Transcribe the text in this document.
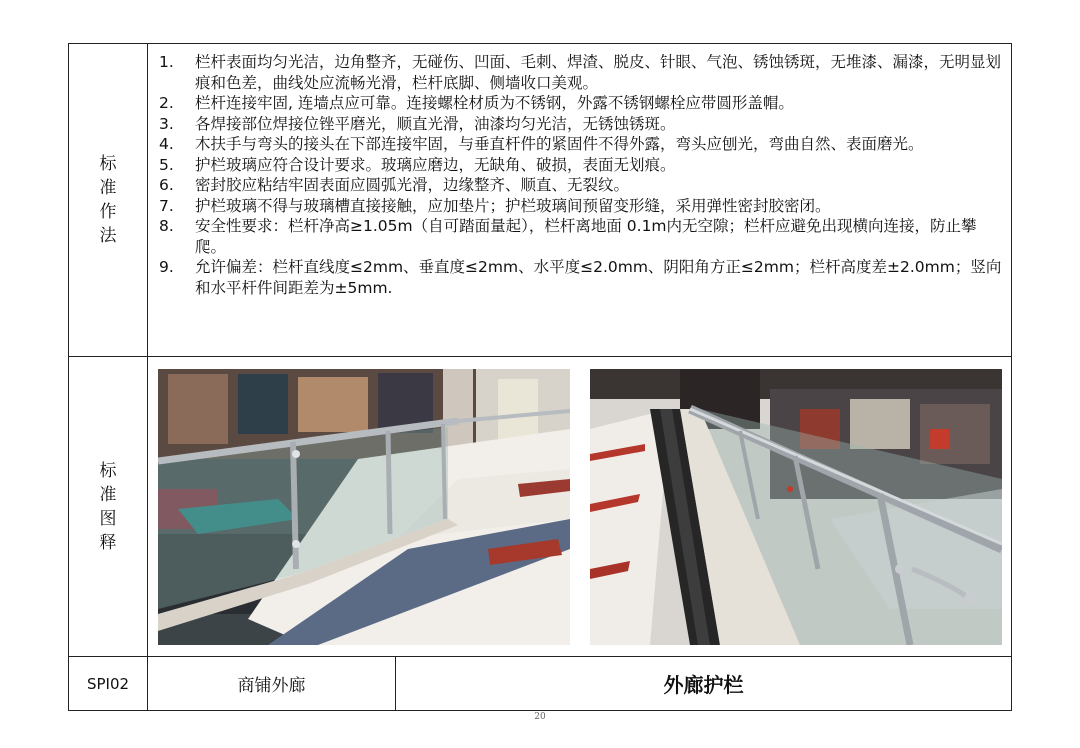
标
准
作
法
1. 栏杆表面均匀光洁，边角整齐，无碰伤、凹面、毛刺、焊渣、脱皮、针眼、气泡、锈蚀锈斑，无堆漆、漏漆，无明显划痕和色差，曲线处应流畅光滑，栏杆底脚、侧墙收口美观。
2. 栏杆连接牢固, 连墙点应可靠。连接螺栓材质为不锈钢，外露不锈钢螺栓应带圆形盖帽。
3. 各焊接部位焊接位锉平磨光，顺直光滑，油漆均匀光洁，无锈蚀锈斑。
4. 木扶手与弯头的接头在下部连接牢固，与垂直杆件的紧固件不得外露，弯头应刨光，弯曲自然、表面磨光。
5. 护栏玻璃应符合设计要求。玻璃应磨边，无缺角、破损，表面无划痕。
6. 密封胶应粘结牢固表面应圆弧光滑，边缘整齐、顺直、无裂纹。
7. 护栏玻璃不得与玻璃槽直接接触，应加垫片；护栏玻璃间预留变形缝，采用弹性密封胶密闭。
8. 安全性要求：栏杆净高≥1.05m（自可踏面量起），栏杆离地面 0.1m内无空隙；栏杆应避免出现横向连接，防止攀爬。
9. 允许偏差：栏杆直线度≤2mm、垂直度≤2mm、水平度≤2.0mm、阴阳角方正≤2mm；栏杆高度差±2.0mm；竖向和水平杆件间距差为±5mm.
标
准
图
释
SPI02	商铺外廊	外廊护栏
20
